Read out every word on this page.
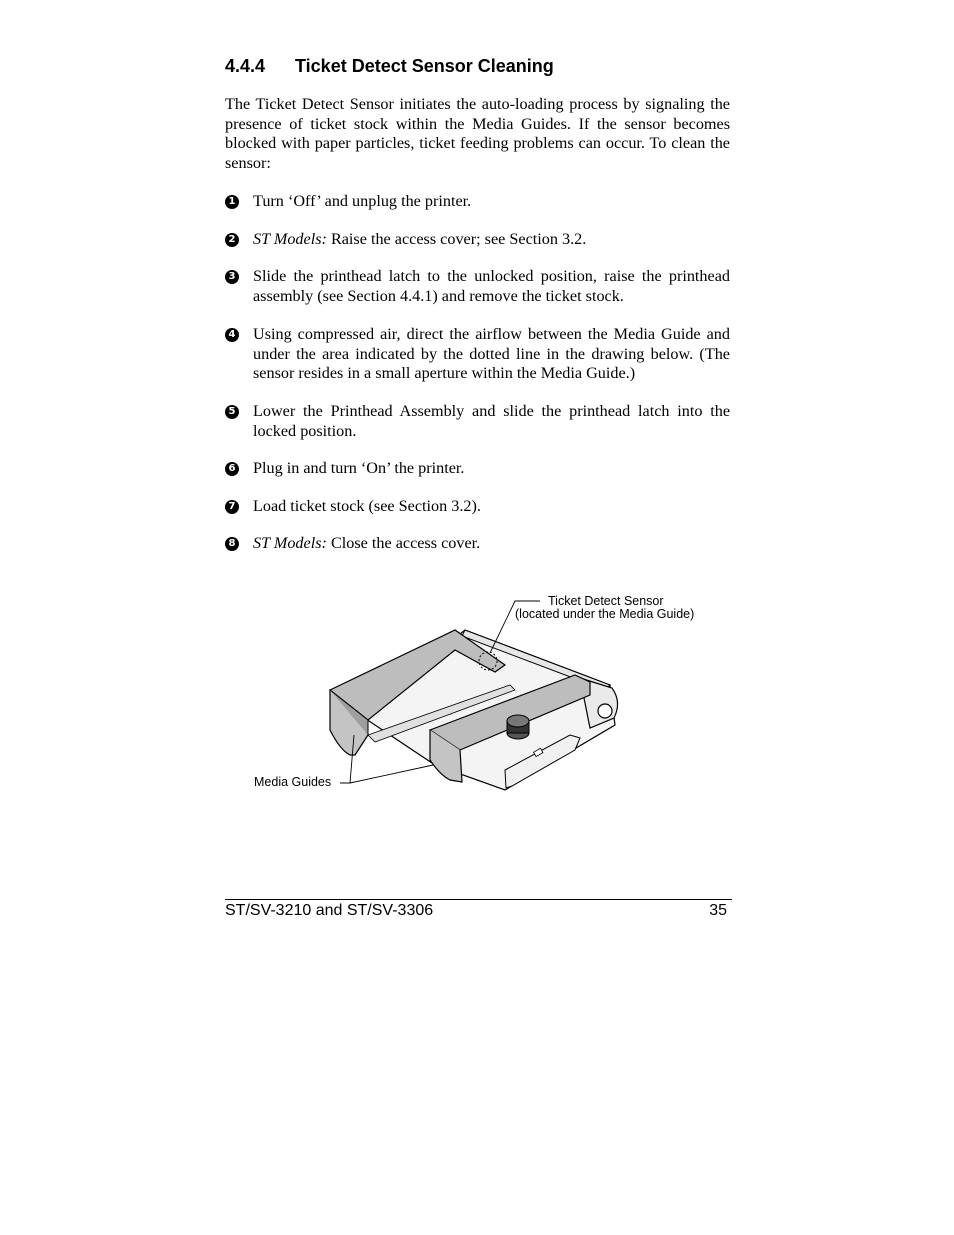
4.4.4 Ticket Detect Sensor Cleaning

The Ticket Detect Sensor initiates the auto-loading process by signaling the presence of ticket stock within the Media Guides. If the sensor becomes blocked with paper particles, ticket feeding problems can occur. To clean the sensor:

1 Turn ‘Off’ and unplug the printer.
2 ST Models: Raise the access cover; see Section 3.2.
3 Slide the printhead latch to the unlocked position, raise the printhead assembly (see Section 4.4.1) and remove the ticket stock.
4 Using compressed air, direct the airflow between the Media Guide and under the area indicated by the dotted line in the drawing below. (The sensor resides in a small aperture within the Media Guide.)
5 Lower the Printhead Assembly and slide the printhead latch into the locked position.
6 Plug in and turn ‘On’ the printer.
7 Load ticket stock (see Section 3.2).
8 ST Models: Close the access cover.
Ticket Detect Sensor
(located under the Media Guide)
Media Guides
ST/SV-3210 and ST/SV-3306	35
